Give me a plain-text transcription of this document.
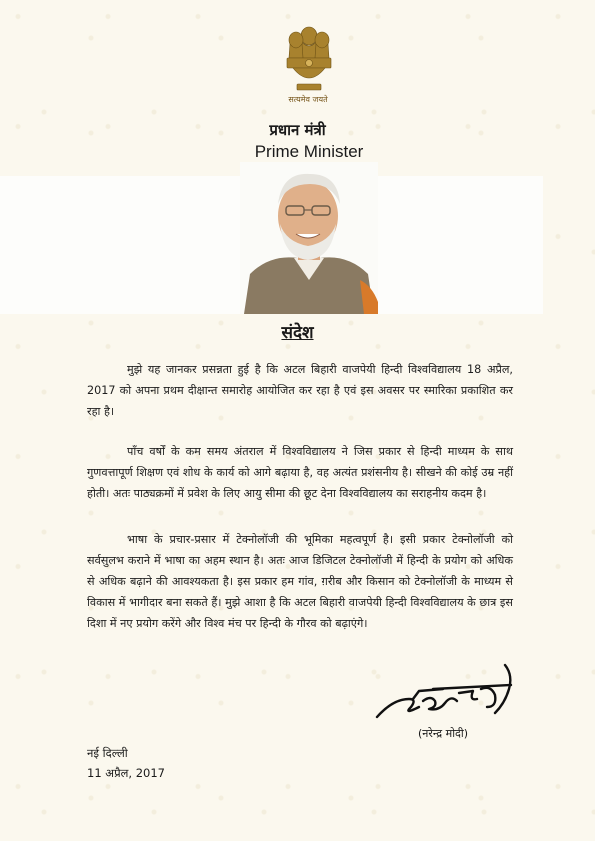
सत्यमेव जयते
प्रधान मंत्री
Prime Minister
संदेश

मुझे यह जानकर प्रसन्नता हुई है कि अटल बिहारी वाजपेयी हिन्दी विश्वविद्यालय 18 अप्रैल, 2017 को अपना प्रथम दीक्षान्त समारोह आयोजित कर रहा है एवं इस अवसर पर स्मारिका प्रकाशित कर रहा है।

पाँच वर्षों के कम समय अंतराल में विश्वविद्यालय ने जिस प्रकार से हिन्दी माध्यम के साथ गुणवत्तापूर्ण शिक्षण एवं शोध के कार्य को आगे बढ़ाया है, वह अत्यंत प्रशंसनीय है। सीखने की कोई उम्र नहीं होती। अतः पाठ्यक्रमों में प्रवेश के लिए आयु सीमा की छूट देना विश्वविद्यालय का सराहनीय कदम है।

भाषा के प्रचार-प्रसार में टेक्नोलॉजी की भूमिका महत्वपूर्ण है। इसी प्रकार टेक्नोलॉजी को सर्वसुलभ कराने में भाषा का अहम स्थान है। अतः आज डिजिटल टेक्नोलॉजी में हिन्दी के प्रयोग को अधिक से अधिक बढ़ाने की आवश्यकता है। इस प्रकार हम गांव, ग़रीब और किसान को टेक्नोलॉजी के माध्यम से विकास में भागीदार बना सकते हैं। मुझे आशा है कि अटल बिहारी वाजपेयी हिन्दी विश्वविद्यालय के छात्र इस दिशा में नए प्रयोग करेंगे और विश्व मंच पर हिन्दी के गौरव को बढ़ाएंगे।

(नरेन्द्र मोदी)
नई दिल्ली
11 अप्रैल, 2017
